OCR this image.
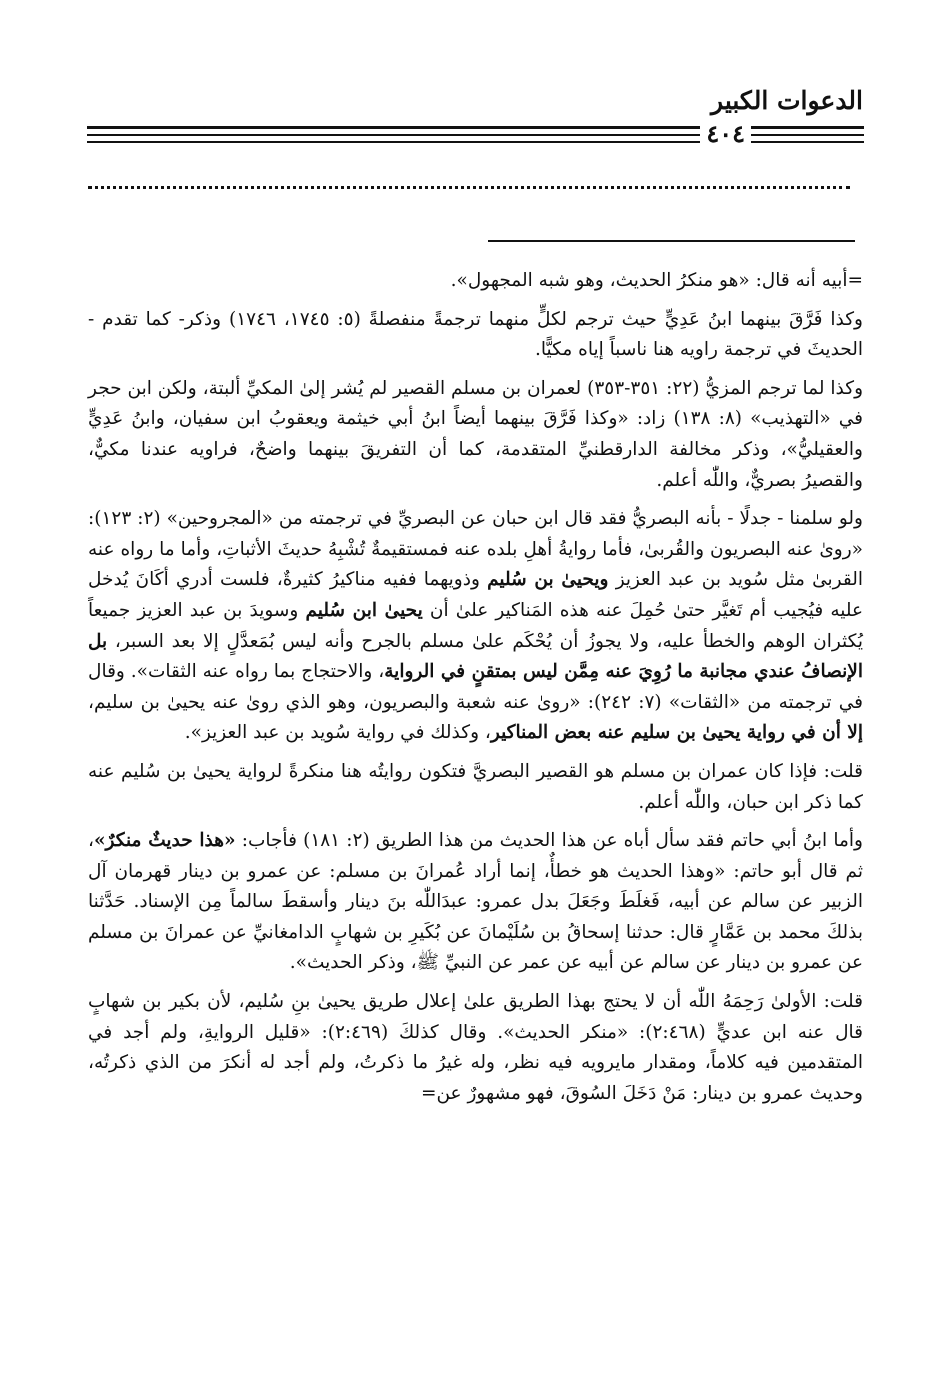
الدعوات الكبير
٤٠٤

=أبيه أنه قال: «هو منكرُ الحديث، وهو شبه المجهول».

وكذا فَرَّقَ بينهما ابنُ عَدِيٍّ حيث ترجم لكلٍّ منهما ترجمةً منفصلةً (٥: ١٧٤٥، ١٧٤٦) وذكر- كما تقدم - الحديثَ في ترجمة راويه هنا ناسباً إياه مكيًّا.

وكذا لما ترجم المزيُّ (٢٢: ٣٥١-٣٥٣) لعمران بن مسلم القصير لم يُشر إلىٰ المكيِّ ألبتة، ولكن ابن حجر في «التهذيب» (٨: ١٣٨) زاد: «وكذا فَرَّقَ بينهما أيضاً ابنُ أبي خيثمة ويعقوبُ ابن سفيان، وابنُ عَدِيٍّ والعقيليُّ»، وذكر مخالفة الدارقطنيِّ المتقدمة، كما أن التفريقَ بينهما واضحٌ، فراويه عندنا مكيٌّ، والقصيرُ بصريٌّ، واللّٰه أعلم.

ولو سلمنا - جدلًا - بأنه البصريُّ فقد قال ابن حبان عن البصريِّ في ترجمته من «المجروحين» (٢: ١٢٣): «روىٰ عنه البصريون والقُربىٰ، فأما روايةُ أهلِ بلده عنه فمستقيمةٌ تُشْبِهُ حديثَ الأثباتِ، وأما ما رواه عنه القربىٰ مثل سُويد بن عبد العزيز ويحيىٰ بن سُليم وذويهما ففيه مناكيرُ كثيرةٌ، فلست أدري أكَانَ يُدخل عليه فيُجيب أم تَغيَّر حتىٰ حُمِلَ عنه هذه المَناكير علىٰ أن يحيىٰ ابن سُليم وسويدَ بن عبد العزيز جميعاً يُكثران الوهم والخطأ عليه، ولا يجوزُ أن يُحْكَم علىٰ مسلم بالجرح وأنه ليس بُمَعدَّلٍ إلا بعد السبر، بل الإنصافُ عندي مجانبة ما رُوِيَ عنه مِمَّن ليس بمتقنٍ في الرواية، والاحتجاج بما رواه عنه الثقات». وقال في ترجمته من «الثقات» (٧: ٢٤٢): «روىٰ عنه شعبة والبصريون، وهو الذي روىٰ عنه يحيىٰ بن سليم، إلا أن في رواية يحيىٰ بن سليم عنه بعض المناكير، وكذلك في رواية سُويد بن عبد العزيز».

قلت: فإذا كان عمران بن مسلم هو القصير البصريَّ فتكون روايتُه هنا منكرةً لرواية يحيىٰ بن سُليم عنه كما ذكر ابن حبان، واللّٰه أعلم.

وأما ابنُ أبي حاتم فقد سأل أباه عن هذا الحديث من هذا الطريق (٢: ١٨١) فأجاب: «هذا حديثٌ منكرٌ»، ثم قال أبو حاتم: «وهذا الحديث هو خطأٌ، إنما أراد عُمرانَ بن مسلم: عن عمرو بن دينار قهرمان آل الزبير عن سالم عن أبيه، فَغلَطَ وجَعَلَ بدل عمرو: عبدَاللّٰه بنَ دينار وأسقطَ سالماً مِن الإسناد. حَدَّثنا بذلكَ محمد بن عَمَّارٍ قال: حدثنا إسحاقُ بن سُلَيْمانَ عن بُكَيرِ بن شهابٍ الدامغانيِّ عن عمرانَ بن مسلم عن عمرو بن دينار عن سالم عن أبيه عن عمر عن النبيِّ ﷺ، وذكر الحديث».

قلت: الأولىٰ رَحِمَهُ اللّٰه أن لا يحتج بهذا الطريق علىٰ إعلال طريق يحيىٰ بنِ سُليم، لأن بكير بن شهابٍ قال عنه ابن عديٍّ (٢:٤٦٨): «منكر الحديث». وقال كذلكَ (٢:٤٦٩): «قليل الروايةِ، ولم أجد في المتقدمين فيه كلاماً، ومقدار مايرويه فيه نظر، وله غيرُ ما ذكرتُ، ولم أجد له أنكرَ من الذي ذكرتُه، وحديث عمرو بن دينار: مَنْ دَخَلَ السُوقَ، فهو مشهورٌ عن=
